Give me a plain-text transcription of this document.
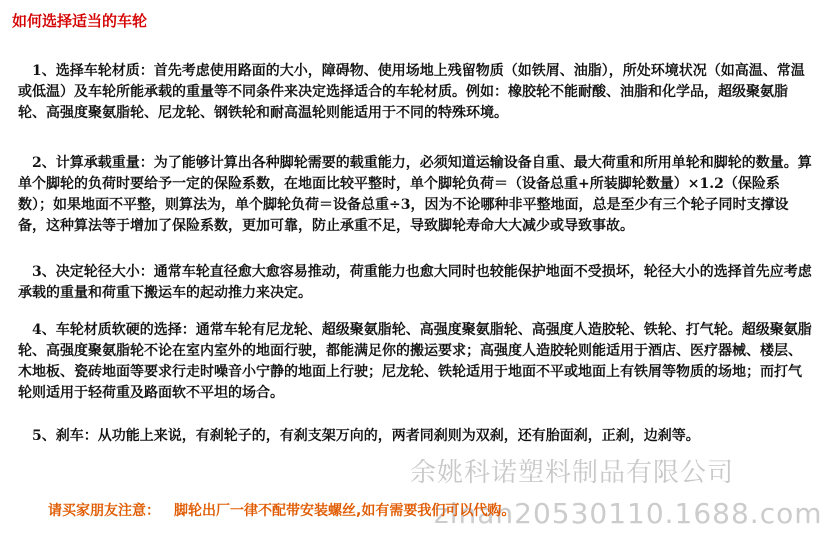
如何选择适当的车轮

1、选择车轮材质：首先考虑使用路面的大小，障碍物、使用场地上残留物质（如铁屑、油脂），所处环境状况（如高温、常温或低温）及车轮所能承载的重量等不同条件来决定选择适合的车轮材质。例如：橡胶轮不能耐酸、油脂和化学品，超级聚氨脂轮、高强度聚氨脂轮、尼龙轮、钢铁轮和耐高温轮则能适用于不同的特殊环境。

2、计算承载重量：为了能够计算出各种脚轮需要的载重能力，必须知道运输设备自重、最大荷重和所用单轮和脚轮的数量。算单个脚轮的负荷时要给予一定的保险系数，在地面比较平整时，单个脚轮负荷＝（设备总重+所装脚轮数量）×1.2（保险系数）；如果地面不平整，则算法为，单个脚轮负荷＝设备总重÷3，因为不论哪种非平整地面，总是至少有三个轮子同时支撑设备，这种算法等于增加了保险系数，更加可靠，防止承重不足，导致脚轮寿命大大减少或导致事故。

3、决定轮径大小：通常车轮直径愈大愈容易推动，荷重能力也愈大同时也较能保护地面不受损坏，轮径大小的选择首先应考虑承载的重量和荷重下搬运车的起动推力来决定。

4、车轮材质软硬的选择：通常车轮有尼龙轮、超级聚氨脂轮、高强度聚氨脂轮、高强度人造胶轮、铁轮、打气轮。超级聚氨脂轮、高强度聚氨脂轮不论在室内室外的地面行驶，都能满足你的搬运要求；高强度人造胶轮则能适用于酒店、医疗器械、楼层、木地板、瓷砖地面等要求行走时噪音小宁静的地面上行驶；尼龙轮、铁轮适用于地面不平或地面上有铁屑等物质的场地；而打气轮则适用于轻荷重及路面软不平坦的场合。

5、刹车：从功能上来说，有刹轮子的，有刹支架万向的，两者同刹则为双刹，还有胎面刹，正刹，边刹等。

余姚科诺塑料制品有限公司
zlnan20530110.1688.com
请买家朋友注意： 脚轮出厂一律不配带安装螺丝,如有需要我们可以代购。
